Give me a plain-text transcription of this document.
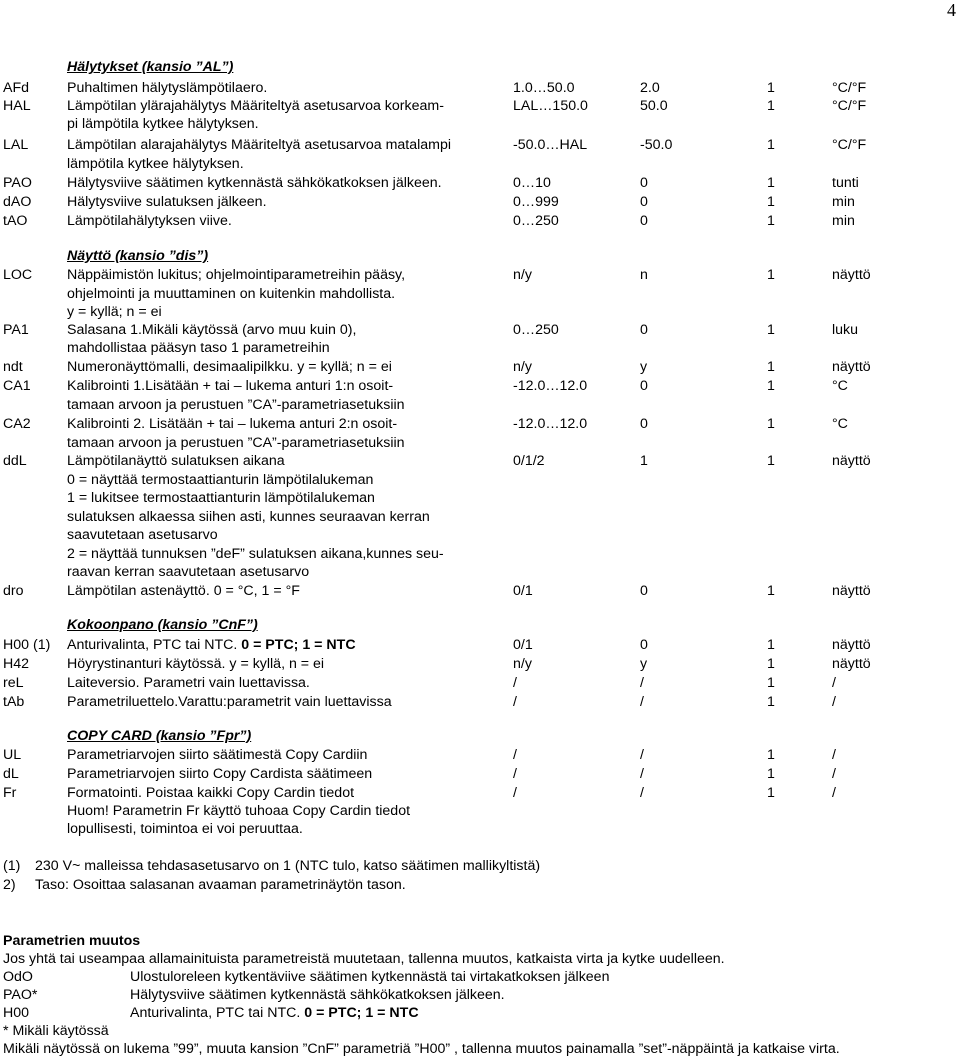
4
Hälytykset (kansio ”AL”)
AFd	Puhaltimen hälytyslämpötilaero.	1.0…50.0	2.0	1	°C/°F
HAL	Lämpötilan ylärajahälytys Määriteltyä asetusarvoa korkeam-	LAL…150.0	50.0	1	°C/°F
pi lämpötila kytkee hälytyksen.
LAL	Lämpötilan alarajahälytys Määriteltyä asetusarvoa matalampi	-50.0…HAL	-50.0	1	°C/°F
lämpötila kytkee hälytyksen.
PAO Hälytysviive säätimen kytkennästä sähkökatkoksen jälkeen.	0…10	0	1	tunti
dAO	Hälytysviive sulatuksen jälkeen.	0…999	0	1	min
tAO	Lämpötilahälytyksen viive.	0…250	0	1	min
Näyttö (kansio ”dis”)
LOC Näppäimistön lukitus; ohjelmointiparametreihin pääsy,	n/y	n	1	näyttö
ohjelmointi ja muuttaminen on kuitenkin mahdollista.
y = kyllä; n = ei
PA1	Salasana 1.Mikäli käytössä (arvo muu kuin 0),	0…250	0	1	luku
mahdollistaa pääsyn taso 1 parametreihin
ndt	Numeronäyttömalli, desimaalipilkku. y = kyllä; n = ei	n/y	y	1	näyttö
CA1	Kalibrointi 1.Lisätään + tai – lukema anturi 1:n osoit-	-12.0…12.0	0	1	°C
tamaan arvoon ja perustuen ”CA”-parametriasetuksiin
CA2	Kalibrointi 2. Lisätään + tai – lukema anturi 2:n osoit-	-12.0…12.0	0	1	°C
tamaan arvoon ja perustuen ”CA”-parametriasetuksiin
ddL	Lämpötilanäyttö sulatuksen aikana	0/1/2	1	1	näyttö
0 = näyttää termostaattianturin lämpötilalukeman
1 = lukitsee termostaattianturin lämpötilalukeman
sulatuksen alkaessa siihen asti, kunnes seuraavan kerran
saavutetaan asetusarvo
2 = näyttää tunnuksen ”deF” sulatuksen aikana,kunnes seu-
raavan kerran saavutetaan asetusarvo
dro	Lämpötilan astenäyttö. 0 = °C, 1 = °F	0/1	0	1	näyttö
Kokoonpano (kansio ”CnF”)
H00 (1) Anturivalinta, PTC tai NTC. 0 = PTC; 1 = NTC	0/1	0	1	näyttö
H42	Höyrystinanturi käytössä. y = kyllä, n = ei	n/y	y	1	näyttö
reL	Laiteversio. Parametri vain luettavissa.	/	/	1	/
tAb	Parametriluettelo.Varattu:parametrit vain luettavissa	/	/	1	/
COPY CARD (kansio ”Fpr”)
UL	Parametriarvojen siirto säätimestä Copy Cardiin	/	/	1	/
dL	Parametriarvojen siirto Copy Cardista säätimeen	/	/	1	/
Fr	Formatointi. Poistaa kaikki Copy Cardin tiedot	/	/	1	/
Huom! Parametrin Fr käyttö tuhoaa Copy Cardin tiedot
lopullisesti, toimintoa ei voi peruuttaa.
(1) 230 V~ malleissa tehdasasetusarvo on 1 (NTC tulo, katso säätimen mallikyltistä)
2) Taso: Osoittaa salasanan avaaman parametrinäytön tason.
Parametrien muutos
Jos yhtä tai useampaa allamainituista parametreistä muutetaan, tallenna muutos, katkaista virta ja kytke uudelleen.
OdO	Ulostuloreleen kytkentäviive säätimen kytkennästä tai virtakatkoksen jälkeen
PAO*	Hälytysviive säätimen kytkennästä sähkökatkoksen jälkeen.
H00	Anturivalinta, PTC tai NTC. 0 = PTC; 1 = NTC
* Mikäli käytössä
Mikäli näytössä on lukema ”99”, muuta kansion ”CnF” parametriä ”H00” , tallenna muutos painamalla ”set”-näppäintä ja katkaise virta.
